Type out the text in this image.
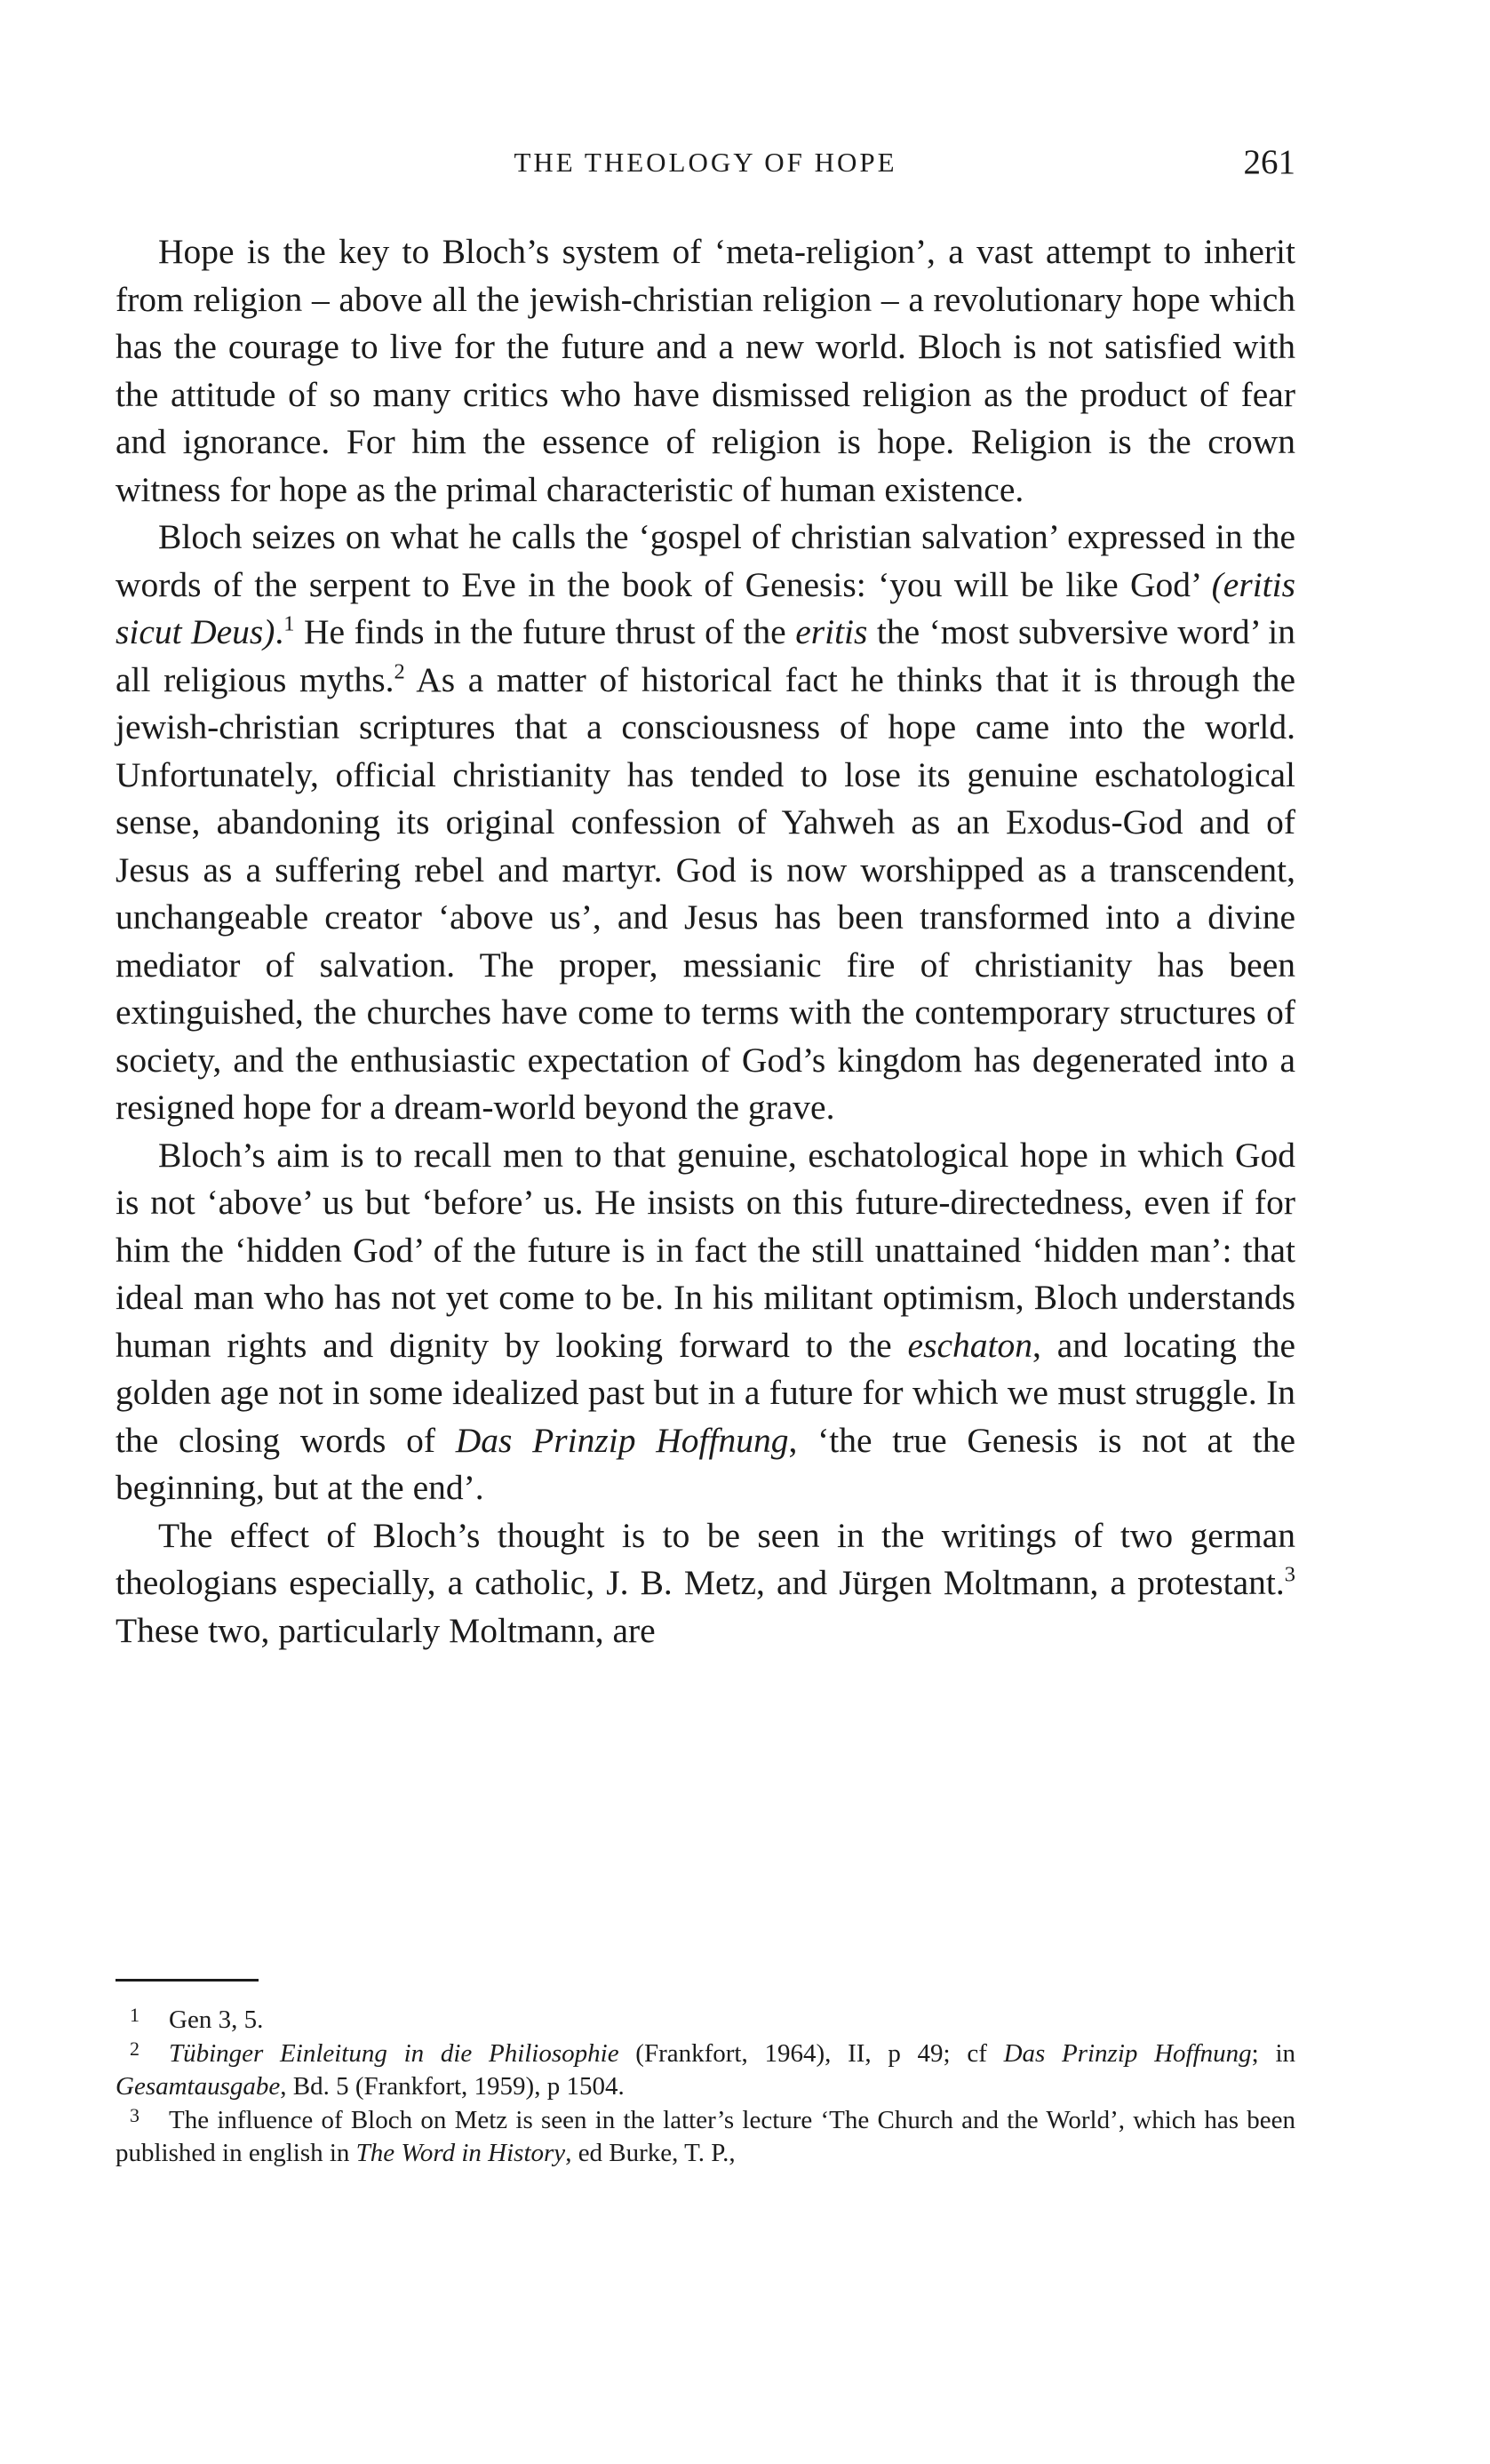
THE THEOLOGY OF HOPE	261

Hope is the key to Bloch’s system of ‘meta-religion’, a vast attempt to inherit from religion – above all the jewish-christian religion – a revolutionary hope which has the courage to live for the future and a new world. Bloch is not satisfied with the attitude of so many critics who have dismissed religion as the product of fear and ignorance. For him the essence of religion is hope. Religion is the crown witness for hope as the primal characteristic of human existence.

Bloch seizes on what he calls the ‘gospel of christian salvation’ expressed in the words of the serpent to Eve in the book of Genesis: ‘you will be like God’ (eritis sicut Deus).$^1$ He finds in the future thrust of the eritis the ‘most subversive word’ in all religious myths.$^2$ As a matter of historical fact he thinks that it is through the jewish-christian scriptures that a consciousness of hope came into the world. Unfortunately, official christianity has tended to lose its genuine eschatological sense, abandoning its original confession of Yahweh as an Exodus-God and of Jesus as a suffering rebel and martyr. God is now worshipped as a transcendent, unchangeable creator ‘above us’, and Jesus has been transformed into a divine mediator of salvation. The proper, messianic fire of christianity has been extinguished, the churches have come to terms with the contemporary structures of society, and the enthusiastic expectation of God’s kingdom has degenerated into a resigned hope for a dream-world beyond the grave.

Bloch’s aim is to recall men to that genuine, eschatological hope in which God is not ‘above’ us but ‘before’ us. He insists on this future-directedness, even if for him the ‘hidden God’ of the future is in fact the still unattained ‘hidden man’: that ideal man who has not yet come to be. In his militant optimism, Bloch understands human rights and dignity by looking forward to the eschaton, and locating the golden age not in some idealized past but in a future for which we must struggle. In the closing words of Das Prinzip Hoffnung, ‘the true Genesis is not at the beginning, but at the end’.

The effect of Bloch’s thought is to be seen in the writings of two german theologians especially, a catholic, J. B. Metz, and Jürgen Moltmann, a protestant.$^3$ These two, particularly Moltmann, are

1 Gen 3, 5.

2 Tübinger Einleitung in die Philiosophie (Frankfort, 1964), II, p 49; cf Das Prinzip Hoffnung; in Gesamtausgabe, Bd. 5 (Frankfort, 1959), p 1504.

3 The influence of Bloch on Metz is seen in the latter’s lecture ‘The Church and the World’, which has been published in english in The Word in History, ed Burke, T. P.,
